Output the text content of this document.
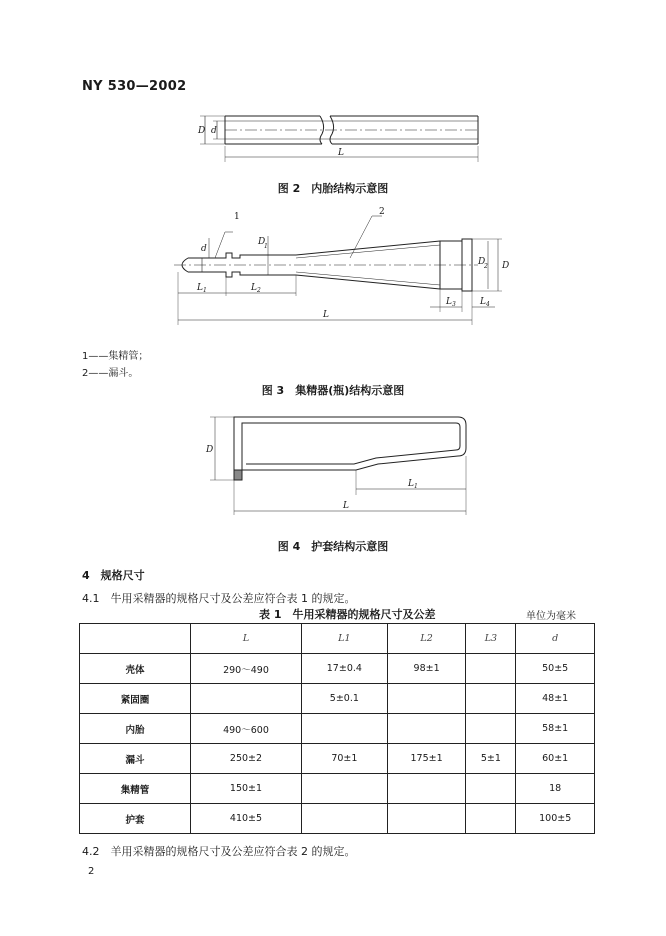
NY 530—2002
D d
L
1	2
d
D
1
D
2 D
L 1	L 2
L 3	L 4
L
D
L 1
L
图 2　内胎结构示意图
1——集精管；
2——漏斗。
图 3　集精器(瓶)结构示意图
图 4　护套结构示意图
4　规格尺寸
4.1　牛用采精器的规格尺寸及公差应符合表 1 的规定。
表 1　牛用采精器的规格尺寸及公差	单位为毫米
	L	L1	L2	L3	d
壳体	290～490	17±0.4	98±1		50±5
紧固圈		5±0.1			48±1
内胎	490～600				58±1
漏斗	250±2	70±1	175±1	5±1	60±1
集精管	150±1				18
护套	410±5				100±5
4.2　羊用采精器的规格尺寸及公差应符合表 2 的规定。
2
